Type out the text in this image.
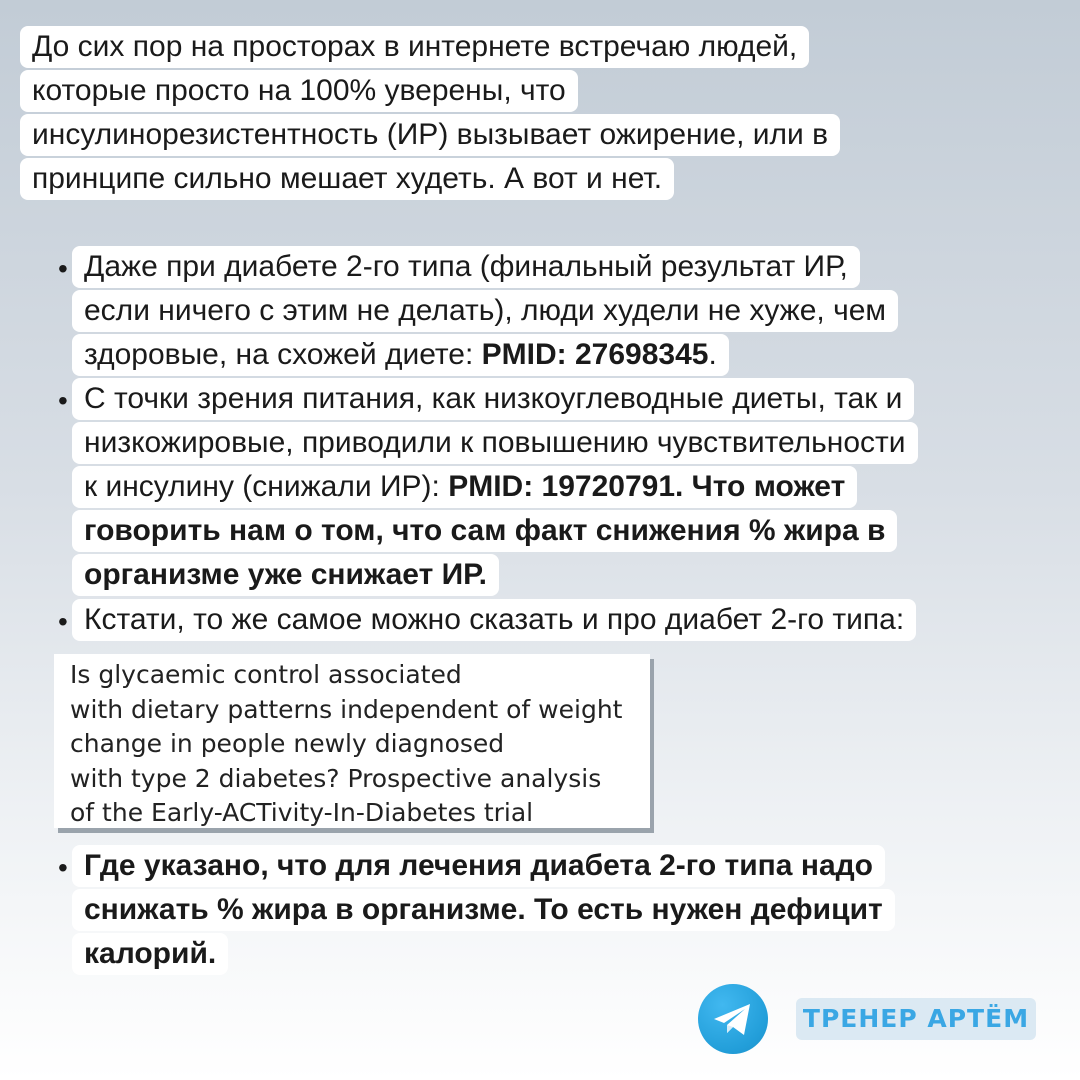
До сих пор на просторах в интернете встречаю людей,
которые просто на 100% уверены, что
инсулинорезистентность (ИР) вызывает ожирение, или в
принципе сильно мешает худеть. А вот и нет.
• Даже при диабете 2-го типа (финальный результат ИР,
если ничего с этим не делать), люди худели не хуже, чем
здоровые, на схожей диете: PMID: 27698345.
• С точки зрения питания, как низкоуглеводные диеты, так и
низкожировые, приводили к повышению чувствительности
к инсулину (снижали ИР): PMID: 19720791. Что может
говорить нам о том, что сам факт снижения % жира в
организме уже снижает ИР.
• Кстати, то же самое можно сказать и про диабет 2-го типа:
Is glycaemic control associated
with dietary patterns independent of weight
change in people newly diagnosed
with type 2 diabetes? Prospective analysis
of the Early-ACTivity-In-Diabetes trial
• Где указано, что для лечения диабета 2-го типа надо
снижать % жира в организме. То есть нужен дефицит
калорий.
ТРЕНЕР АРТЁМ
